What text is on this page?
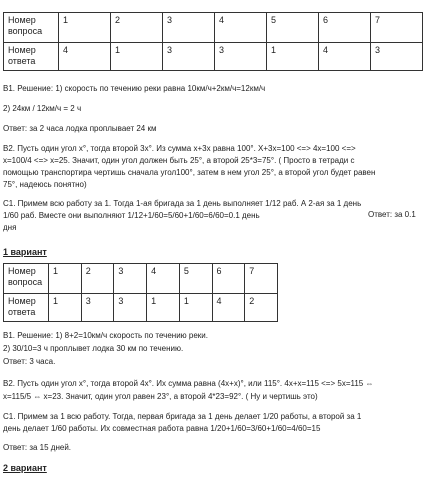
Номер вопроса	1	2	3	4	5	6	7
Номер ответа	4	1	3	3	1	4	3
B1. Решение: 1) скорость по течению реки равна 10км/ч+2км/ч=12км/ч
2) 24км / 12км/ч = 2 ч
Ответ: за 2 часа лодка проплывает 24 км
B2. Пусть один угол х°, тогда второй 3х°. Из сумма х+3х равна 100°. Х+3х=100 <=> 4х=100 <=>
х=100/4 <=> х=25. Значит, один угол должен быть 25°, а второй 25*3=75°. ( Просто в тетради с
помощью транспортира чертишь сначала угол100°, затем в нем угол 25°, а второй угол будет равен
75°, надеюсь понятно)
C1. Примем всю работу за 1. Тогда 1-ая бригада за 1 день выполняет 1/12 раб. А 2-ая за 1 день
1/60 раб. Вместе они выполняют 1/12+1/60=5/60+1/60=6/60=0.1 день	Ответ: за 0.1
дня
1 вариант
Номер вопроса	1	2	3	4	5	6	7
Номер ответа	1	3	3	1	1	4	2
B1. Решение: 1) 8+2=10км/ч скорость по течению реки.
2) 30/10=3 ч проплывет лодка 30 км по течению.
Ответ: 3 часа.
B2. Пусть один угол х°, тогда второй 4х°. Их сумма равна (4х+х)°, или 115°. 4х+х=115 <=> 5х=115 ⇔
х=115/5 ⇔ х=23. Значит, один угол равен 23°, а второй 4*23=92°. ( Ну и чертишь это)
C1. Примем за 1 всю работу. Тогда, первая бригада за 1 день делает 1/20 работы, а второй за 1
день делает 1/60 работы. Их совместная работа равна 1/20+1/60=3/60+1/60=4/60=15
Ответ: за 15 дней.
2 вариант
